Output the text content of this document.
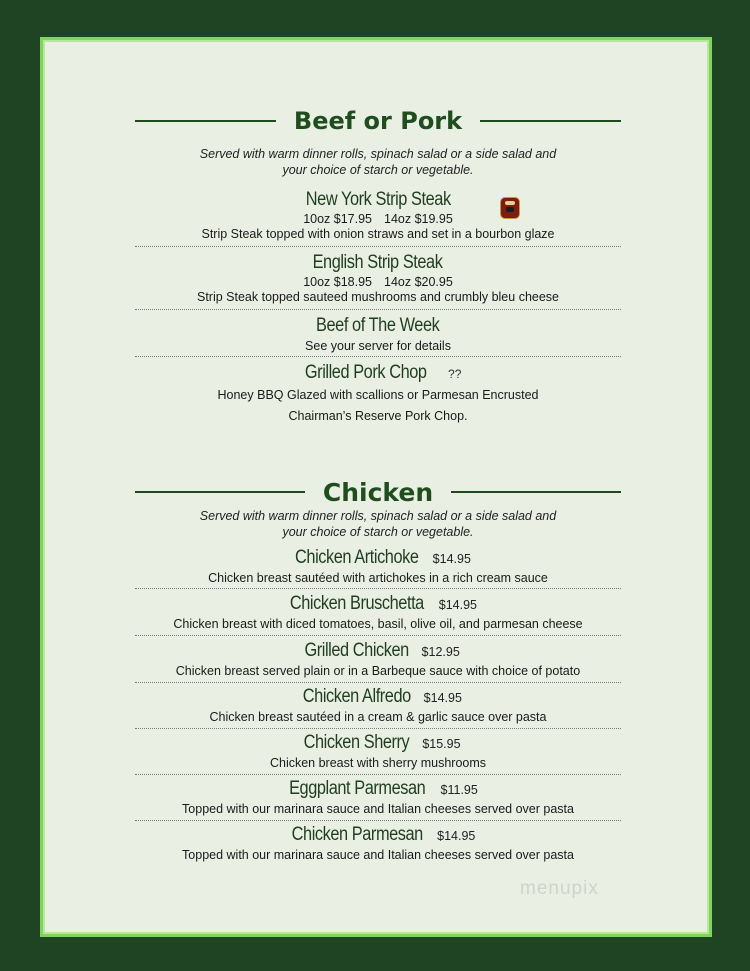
Beef or Pork
Served with warm dinner rolls, spinach salad or a side salad and
your choice of starch or vegetable.
New York Strip Steak
10oz $17.95 14oz $19.95
Strip Steak topped with onion straws and set in a bourbon glaze
English Strip Steak
10oz $18.95 14oz $20.95
Strip Steak topped sauteed mushrooms and crumbly bleu cheese
Beef of The Week
See your server for details
Grilled Pork Chop ??
Honey BBQ Glazed with scallions or Parmesan Encrusted
Chairman’s Reserve Pork Chop.
Chicken
Served with warm dinner rolls, spinach salad or a side salad and
your choice of starch or vegetable.
Chicken Artichoke $14.95
Chicken breast sautéed with artichokes in a rich cream sauce
Chicken Bruschetta $14.95
Chicken breast with diced tomatoes, basil, olive oil, and parmesan cheese
Grilled Chicken $12.95
Chicken breast served plain or in a Barbeque sauce with choice of potato
Chicken Alfredo $14.95
Chicken breast sautéed in a cream & garlic sauce over pasta
Chicken Sherry $15.95
Chicken breast with sherry mushrooms
Eggplant Parmesan $11.95
Topped with our marinara sauce and Italian cheeses served over pasta
Chicken Parmesan $14.95
Topped with our marinara sauce and Italian cheeses served over pasta
menupix
